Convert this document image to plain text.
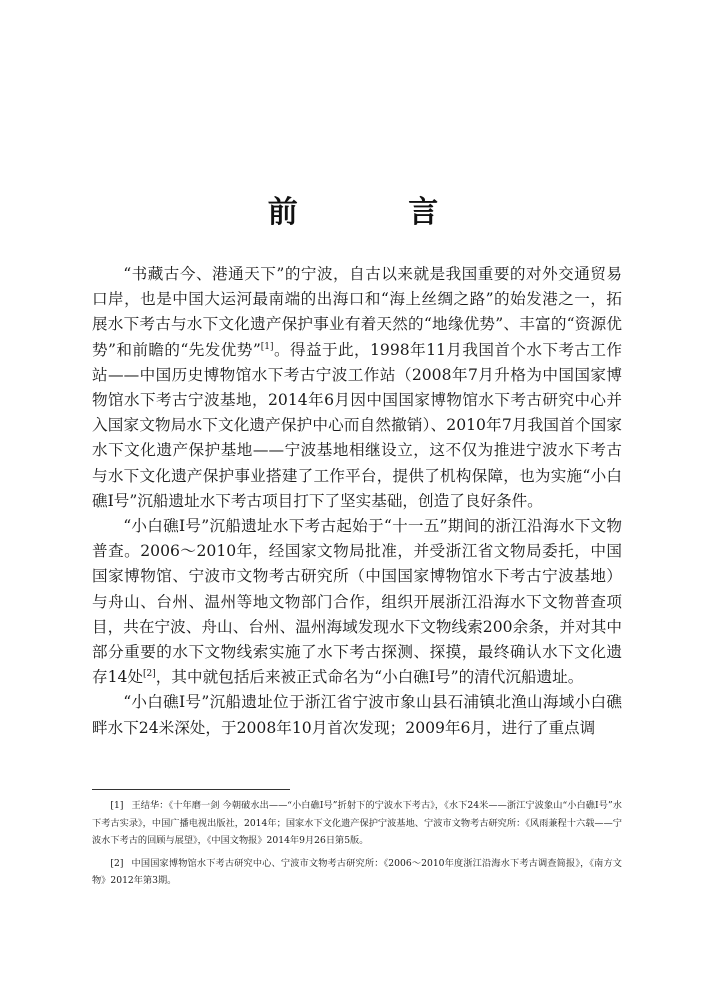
前 言

“书藏古今、港通天下”的宁波，自古以来就是我国重要的对外交通贸易口岸，也是中国大运河最南端的出海口和“海上丝绸之路”的始发港之一，拓展水下考古与水下文化遗产保护事业有着天然的“地缘优势”、丰富的“资源优势”和前瞻的“先发优势”[1]。得益于此，1998年11月我国首个水下考古工作站——中国历史博物馆水下考古宁波工作站（2008年7月升格为中国国家博物馆水下考古宁波基地，2014年6月因中国国家博物馆水下考古研究中心并入国家文物局水下文化遗产保护中心而自然撤销）、2010年7月我国首个国家水下文化遗产保护基地——宁波基地相继设立，这不仅为推进宁波水下考古与水下文化遗产保护事业搭建了工作平台，提供了机构保障，也为实施“小白礁Ⅰ号”沉船遗址水下考古项目打下了坚实基础，创造了良好条件。

“小白礁Ⅰ号”沉船遗址水下考古起始于“十一五”期间的浙江沿海水下文物普查。2006～2010年，经国家文物局批准，并受浙江省文物局委托，中国国家博物馆、宁波市文物考古研究所（中国国家博物馆水下考古宁波基地）与舟山、台州、温州等地文物部门合作，组织开展浙江沿海水下文物普查项目，共在宁波、舟山、台州、温州海域发现水下文物线索200余条，并对其中部分重要的水下文物线索实施了水下考古探测、探摸，最终确认水下文化遗存14处[2]，其中就包括后来被正式命名为“小白礁Ⅰ号”的清代沉船遗址。

“小白礁Ⅰ号”沉船遗址位于浙江省宁波市象山县石浦镇北渔山海域小白礁畔水下24米深处，于2008年10月首次发现；2009年6月，进行了重点调

[1] 王结华：《十年磨一剑 今朝破水出——“小白礁Ⅰ号”折射下的宁波水下考古》，《水下24米——浙江宁波象山“小白礁Ⅰ号”水下考古实录》，中国广播电视出版社，2014年；国家水下文化遗产保护宁波基地、宁波市文物考古研究所：《风雨兼程十六载——宁波水下考古的回顾与展望》，《中国文物报》2014年9月26日第5版。

[2] 中国国家博物馆水下考古研究中心、宁波市文物考古研究所：《2006～2010年度浙江沿海水下考古调查简报》，《南方文物》2012年第3期。
